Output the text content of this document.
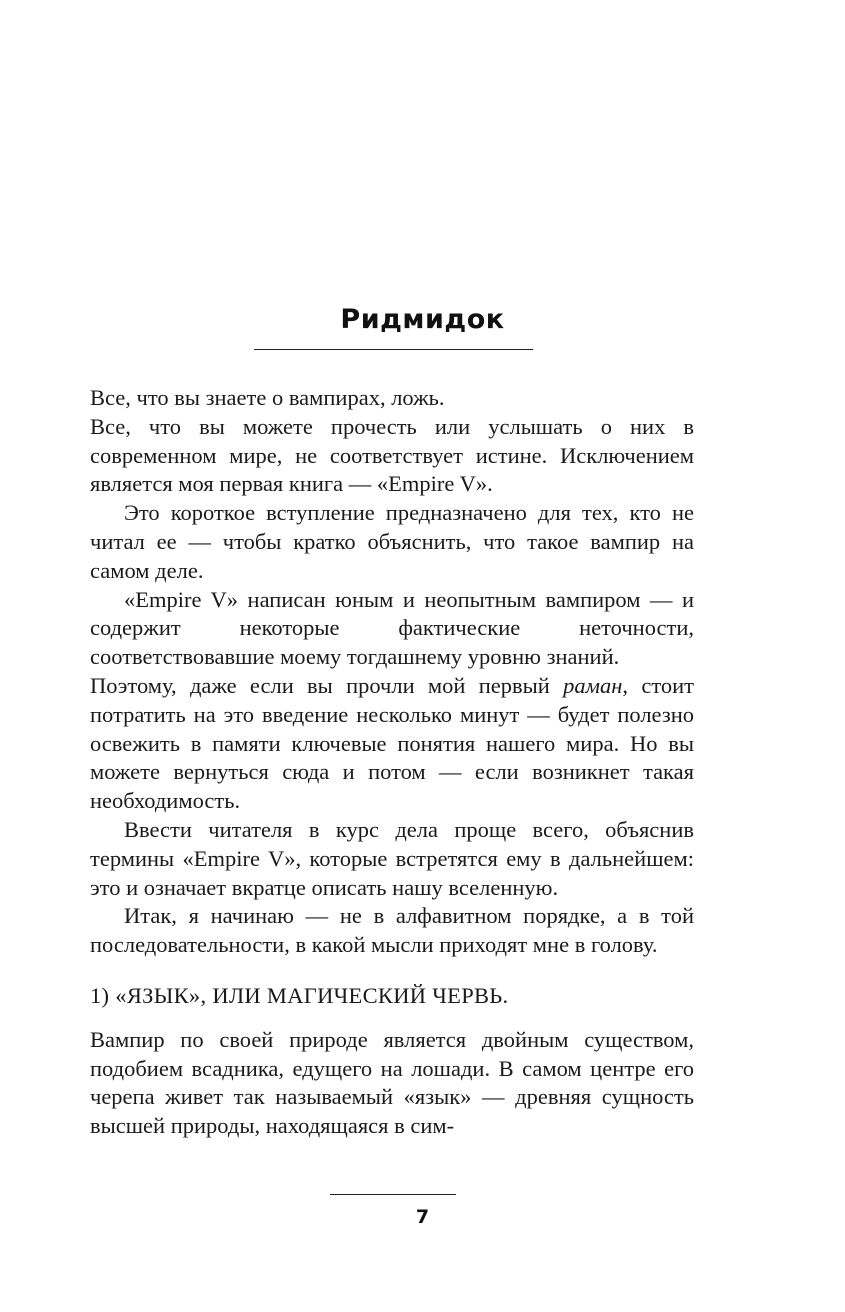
Ридмидок

Все, что вы знаете о вампирах, ложь.

Все, что вы можете прочесть или услышать о них в современном мире, не соответствует истине. Исключением является моя первая книга — «Empire V».

Это короткое вступление предназначено для тех, кто не читал ее — чтобы кратко объяснить, что такое вампир на самом деле.

«Empire V» написан юным и неопытным вампиром — и содержит некоторые фактические неточности, соответствовавшие моему тогдашнему уровню знаний.

Поэтому, даже если вы прочли мой первый раман, стоит потратить на это введение несколько минут — будет полезно освежить в памяти ключевые понятия нашего мира. Но вы можете вернуться сюда и потом — если возникнет такая необходимость.

Ввести читателя в курс дела проще всего, объяснив термины «Empire V», которые встретятся ему в дальнейшем: это и означает вкратце описать нашу вселенную.

Итак, я начинаю — не в алфавитном порядке, а в той последовательности, в какой мысли приходят мне в голову.

1) «ЯЗЫК», ИЛИ МАГИЧЕСКИЙ ЧЕРВЬ.

Вампир по своей природе является двойным существом, подобием всадника, едущего на лошади. В самом центре его черепа живет так называемый «язык» — древняя сущность высшей природы, находящаяся в сим-

7
